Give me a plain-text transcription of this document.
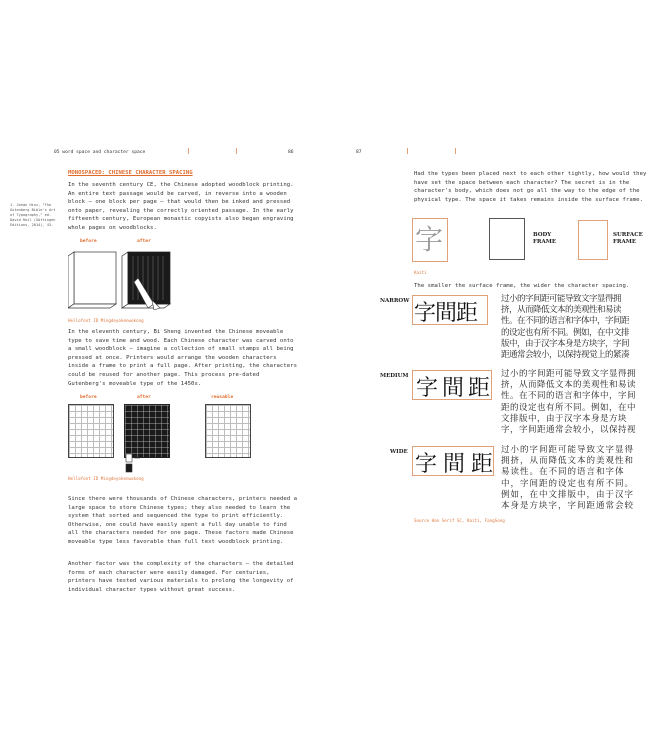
05 word space and character space	86	87
MONOSPACED: CHINESE CHARACTER SPACING
1. Johan Hinz, "The Gutenberg Bible's Art of Typography," ed. David Reil (Göttingen Editions, 2014), 43.
In the seventh century CE, the Chinese adopted woodblock printing. An entire text passage would be carved, in reverse into a wooden block — one block per page — that would then be inked and pressed onto paper, revealing the correctly oriented passage. In the early fifteenth century, European monastic copyists also began engraving whole pages on woodblocks.
before	after
Hellofont ID Mingdeyokenwokong
In the eleventh century, Bi Sheng invented the Chinese moveable type to save time and wood. Each Chinese character was carved onto a small woodblock — imagine a collection of small stamps all being pressed at once. Printers would arrange the wooden characters inside a frame to print a full page. After printing, the characters could be reused for another page. This process pre-dated Gutenberg's moveable type of the 1450s.
before	after	reusable
Hellofont ID Mingdeyokenwokong
Since there were thousands of Chinese characters, printers needed a large space to store Chinese types; they also needed to learn the system that sorted and sequenced the type to print efficiently. Otherwise, one could have easily spent a full day unable to find all the characters needed for one page. These factors made Chinese moveable type less favorable than full text woodblock printing.
Another factor was the complexity of the characters — the detailed forms of each character were easily damaged. For centuries, printers have tested various materials to prolong the longevity of individual character types without great success.
Had the types been placed next to each other tightly, how would they have set the space between each character? The secret is in the character's body, which does not go all the way to the edge of the physical type. The space it takes remains inside the surface frame.
字	BODY FRAME
SURFACE FRAME
Kaiti
The smaller the surface frame, the wider the character spacing.
NARROW 字間距
过小的字间距可能导致文字显得拥挤，从而降低文本的美观性和易读性。在不同的语言和字体中，字间距的设定也有所不同。例如，在中文排版中，由于汉字本身是方块字，字间距通常会较小，以保持视觉上的紧凑
MEDIUM 字間距
过小的字间距可能导致文字显得拥挤，从而降低文本的美观性和易读性。在不同的语言和字体中，字间距的设定也有所不同。例如，在中文排版中，由于汉字本身是方块字，字间距通常会较小，以保持视
WIDE 字間距
过小的字间距可能导致文字显得拥挤，从而降低文本的美观性和易读性。在不同的语言和字体中，字间距的设定也有所不同。例如，在中文排版中，由于汉字本身是方块字，字间距通常会较
Source Han Serif SC, Kaiti, FangSong
